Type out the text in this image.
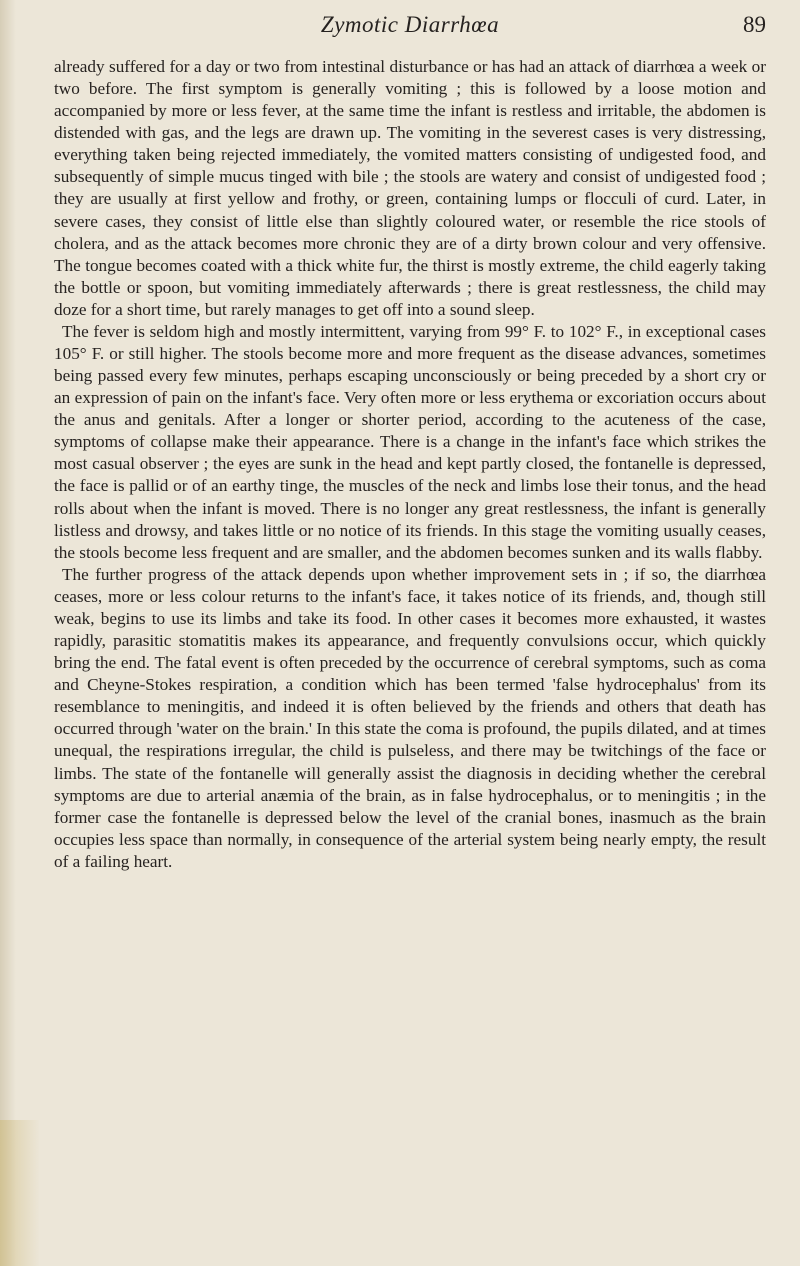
Zymotic Diarrhœa	89

already suffered for a day or two from intestinal disturbance or has had an attack of diarrhœa a week or two before. The first symptom is generally vomiting ; this is followed by a loose motion and accompanied by more or less fever, at the same time the infant is restless and irritable, the abdomen is distended with gas, and the legs are drawn up. The vomiting in the severest cases is very distressing, everything taken being rejected immediately, the vomited matters consisting of undigested food, and subsequently of simple mucus tinged with bile ; the stools are watery and consist of undigested food ; they are usually at first yellow and frothy, or green, containing lumps or flocculi of curd. Later, in severe cases, they consist of little else than slightly coloured water, or resemble the rice stools of cholera, and as the attack becomes more chronic they are of a dirty brown colour and very offensive. The tongue becomes coated with a thick white fur, the thirst is mostly extreme, the child eagerly taking the bottle or spoon, but vomiting immediately afterwards ; there is great restlessness, the child may doze for a short time, but rarely manages to get off into a sound sleep.

The fever is seldom high and mostly intermittent, varying from 99° F. to 102° F., in exceptional cases 105° F. or still higher. The stools become more and more frequent as the disease advances, sometimes being passed every few minutes, perhaps escaping unconsciously or being preceded by a short cry or an expression of pain on the infant's face. Very often more or less erythema or excoriation occurs about the anus and genitals. After a longer or shorter period, according to the acuteness of the case, symptoms of collapse make their appearance. There is a change in the infant's face which strikes the most casual observer ; the eyes are sunk in the head and kept partly closed, the fontanelle is depressed, the face is pallid or of an earthy tinge, the muscles of the neck and limbs lose their tonus, and the head rolls about when the infant is moved. There is no longer any great restlessness, the infant is generally listless and drowsy, and takes little or no notice of its friends. In this stage the vomiting usually ceases, the stools become less frequent and are smaller, and the abdomen becomes sunken and its walls flabby.

The further progress of the attack depends upon whether improvement sets in ; if so, the diarrhœa ceases, more or less colour returns to the infant's face, it takes notice of its friends, and, though still weak, begins to use its limbs and take its food. In other cases it becomes more exhausted, it wastes rapidly, parasitic stomatitis makes its appearance, and frequently convulsions occur, which quickly bring the end. The fatal event is often preceded by the occurrence of cerebral symptoms, such as coma and Cheyne-Stokes respiration, a condition which has been termed 'false hydrocephalus' from its resemblance to meningitis, and indeed it is often believed by the friends and others that death has occurred through 'water on the brain.' In this state the coma is profound, the pupils dilated, and at times unequal, the respirations irregular, the child is pulseless, and there may be twitchings of the face or limbs. The state of the fontanelle will generally assist the diagnosis in deciding whether the cerebral symptoms are due to arterial anæmia of the brain, as in false hydrocephalus, or to meningitis ; in the former case the fontanelle is depressed below the level of the cranial bones, inasmuch as the brain occupies less space than normally, in consequence of the arterial system being nearly empty, the result of a failing heart.
